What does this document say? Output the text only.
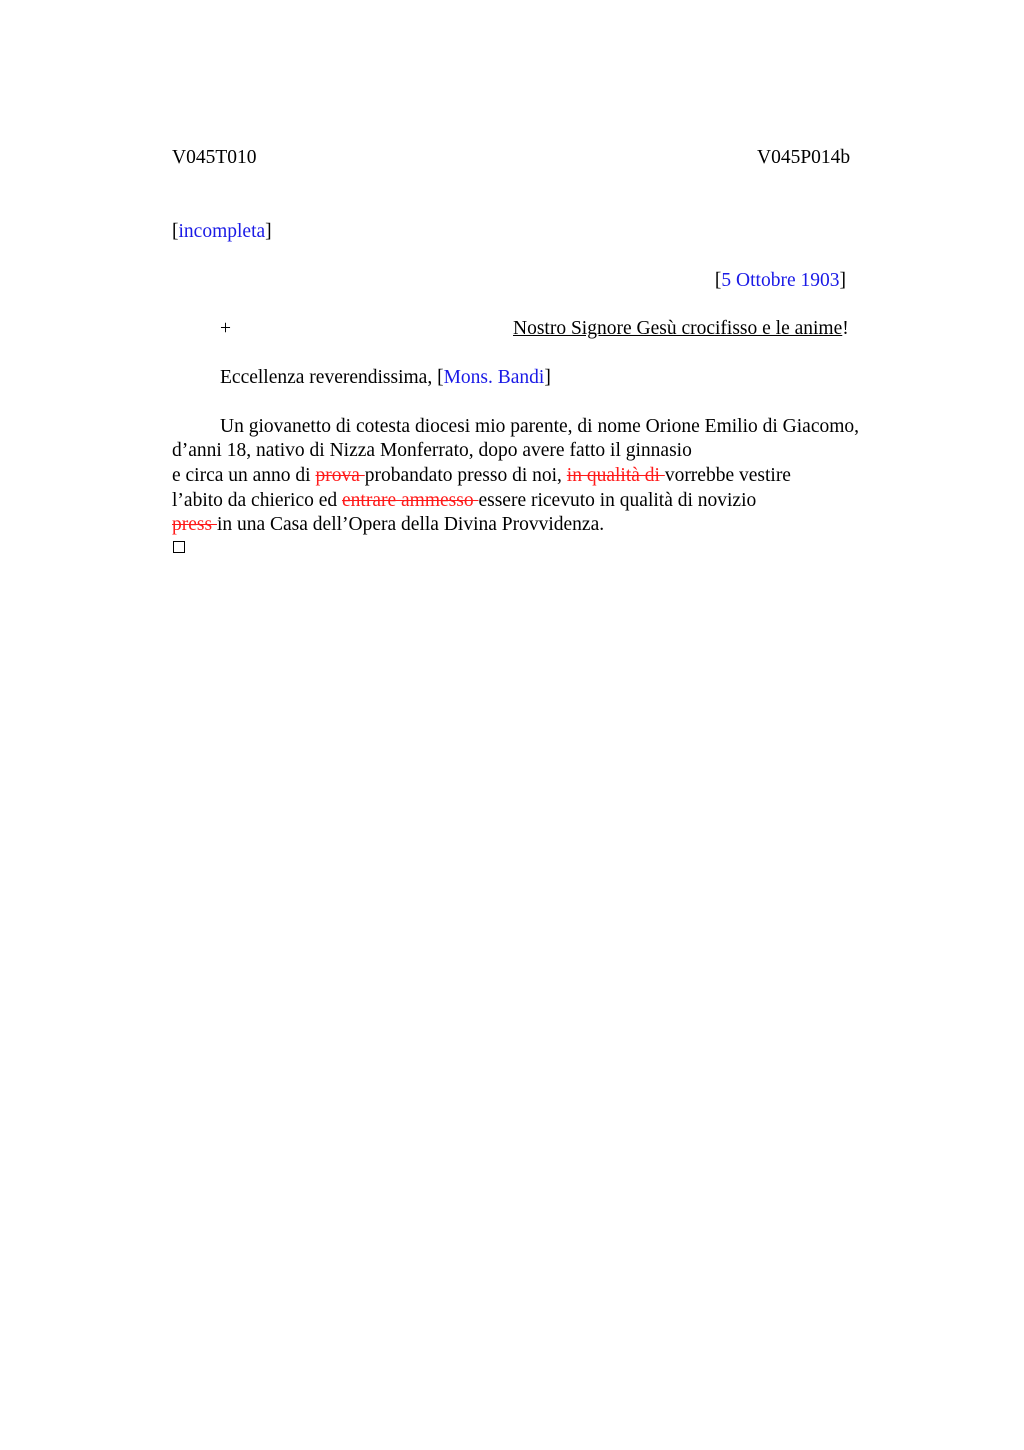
V045T010	V045P014b
[incompleta]
[5 Ottobre 1903]
+	Nostro Signore Gesù crocifisso e le anime!
Eccellenza reverendissima, [Mons. Bandi]
Un giovanetto di cotesta diocesi mio parente, di nome Orione Emilio di Giacomo,
d’anni 18, nativo di Nizza Monferrato, dopo avere fatto il ginnasio
e circa un anno di prova probandato presso di noi, in qualità di vorrebbe vestire
l’abito da chierico ed entrare ammesso essere ricevuto in qualità di novizio
press in una Casa dell’Opera della Divina Provvidenza.
